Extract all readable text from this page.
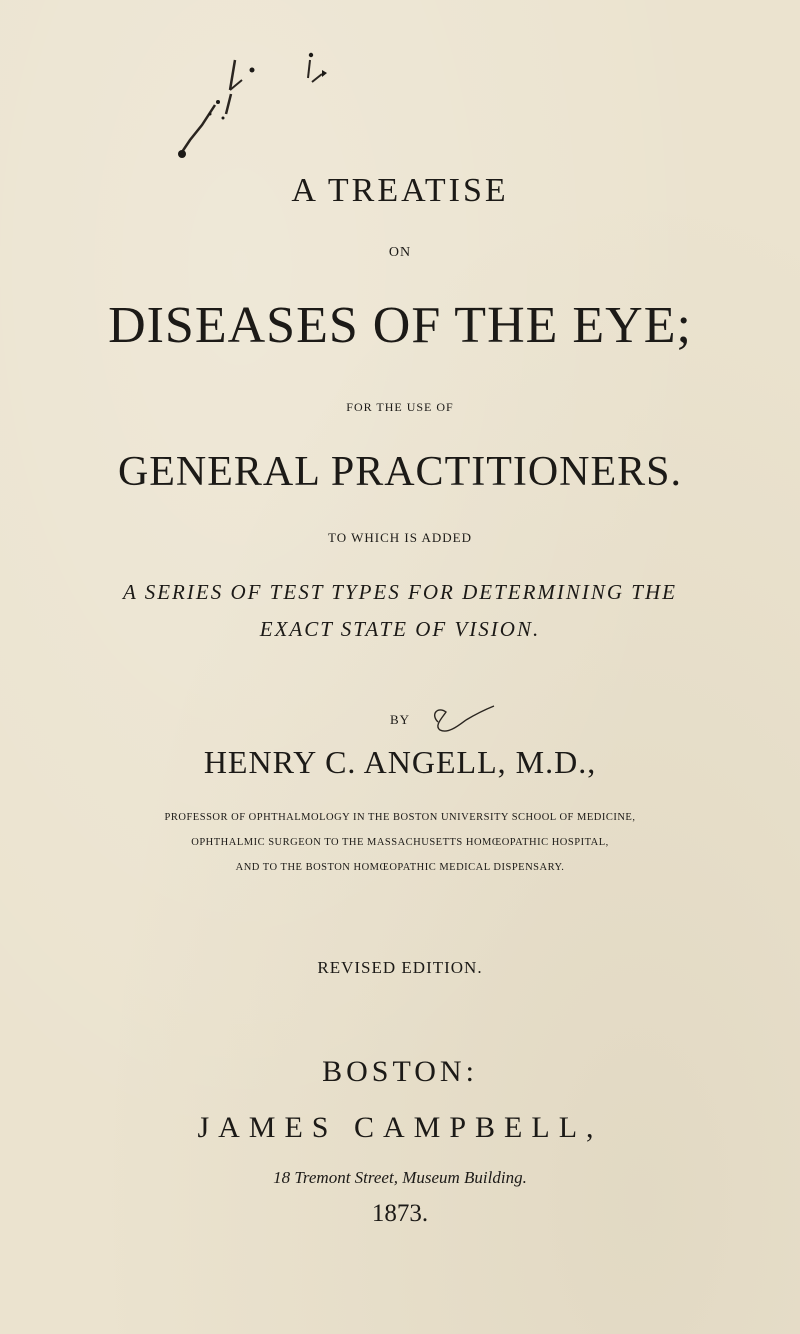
A TREATISE
ON
DISEASES OF THE EYE;
FOR THE USE OF
GENERAL PRACTITIONERS.
TO WHICH IS ADDED
A SERIES OF TEST TYPES FOR DETERMINING THE
EXACT STATE OF VISION.
BY
HENRY C. ANGELL, M.D.,
PROFESSOR OF OPHTHALMOLOGY IN THE BOSTON UNIVERSITY SCHOOL OF MEDICINE,
OPHTHALMIC SURGEON TO THE MASSACHUSETTS HOMŒOPATHIC HOSPITAL,
AND TO THE BOSTON HOMŒOPATHIC MEDICAL DISPENSARY.
REVISED EDITION.
BOSTON:
JAMES CAMPBELL,
18 Tremont Street, Museum Building.
1873.
